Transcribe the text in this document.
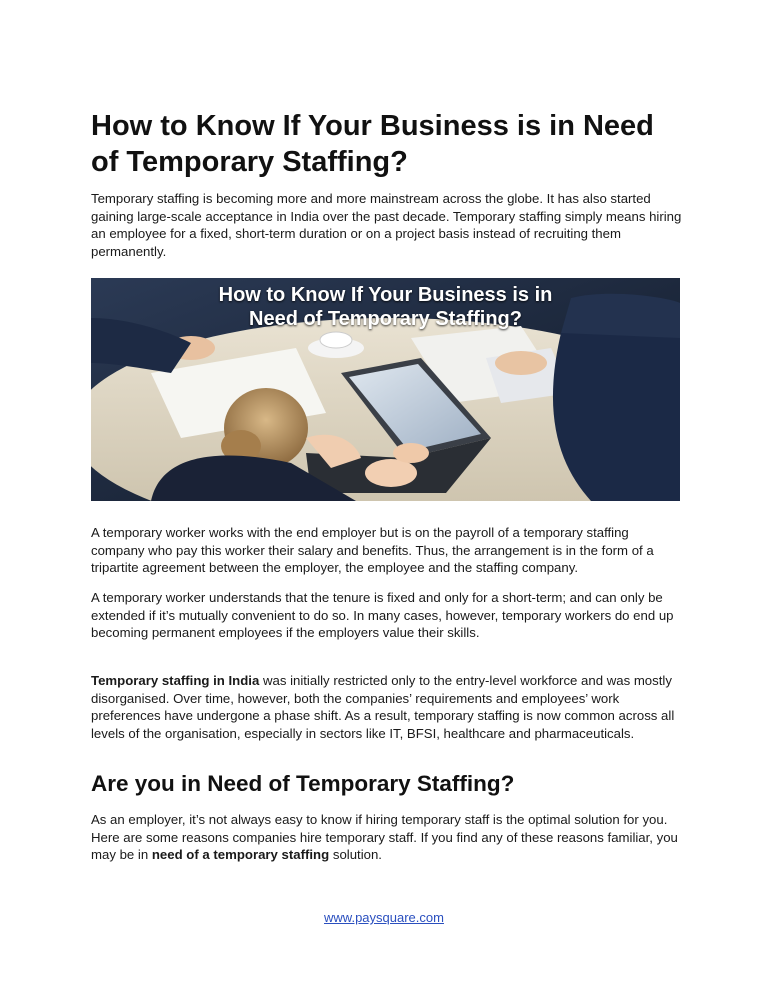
How to Know If Your Business is in Need of Temporary Staffing?

Temporary staffing is becoming more and more mainstream across the globe. It has also started gaining large-scale acceptance in India over the past decade. Temporary staffing simply means hiring an employee for a fixed, short-term duration or on a project basis instead of recruiting them permanently.

How to Know If Your Business is in
Need of Temporary Staffing?

A temporary worker works with the end employer but is on the payroll of a temporary staffing company who pay this worker their salary and benefits. Thus, the arrangement is in the form of a tripartite agreement between the employer, the employee and the staffing company.

A temporary worker understands that the tenure is fixed and only for a short-term; and can only be extended if it’s mutually convenient to do so. In many cases, however, temporary workers do end up becoming permanent employees if the employers value their skills.

Temporary staffing in India was initially restricted only to the entry-level workforce and was mostly disorganised. Over time, however, both the companies’ requirements and employees’ work preferences have undergone a phase shift. As a result, temporary staffing is now common across all levels of the organisation, especially in sectors like IT, BFSI, healthcare and pharmaceuticals.

Are you in Need of Temporary Staffing?

As an employer, it’s not always easy to know if hiring temporary staff is the optimal solution for you. Here are some reasons companies hire temporary staff. If you find any of these reasons familiar, you may be in need of a temporary staffing solution.

www.paysquare.com
